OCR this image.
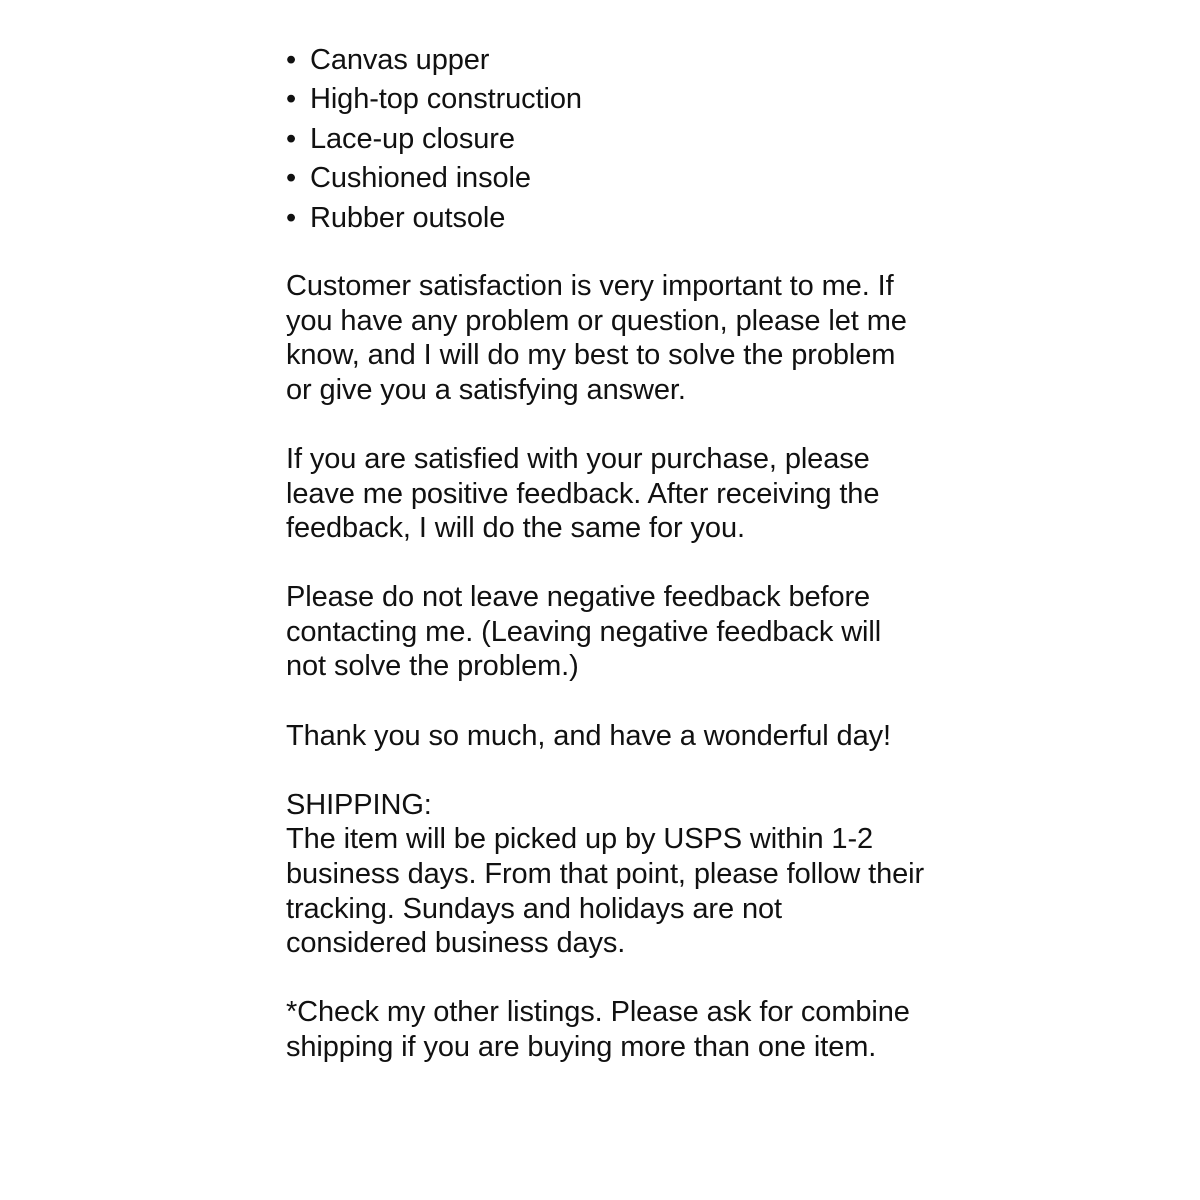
• Canvas upper
• High-top construction
• Lace-up closure
• Cushioned insole
• Rubber outsole

Customer satisfaction is very important to me. If you have any problem or question, please let me know, and I will do my best to solve the problem or give you a satisfying answer.

If you are satisfied with your purchase, please leave me positive feedback. After receiving the feedback, I will do the same for you.

Please do not leave negative feedback before contacting me. (Leaving negative feedback will not solve the problem.)

Thank you so much, and have a wonderful day!

SHIPPING:

The item will be picked up by USPS within 1-2 business days. From that point, please follow their tracking. Sundays and holidays are not considered business days.

*Check my other listings. Please ask for combine shipping if you are buying more than one item.
